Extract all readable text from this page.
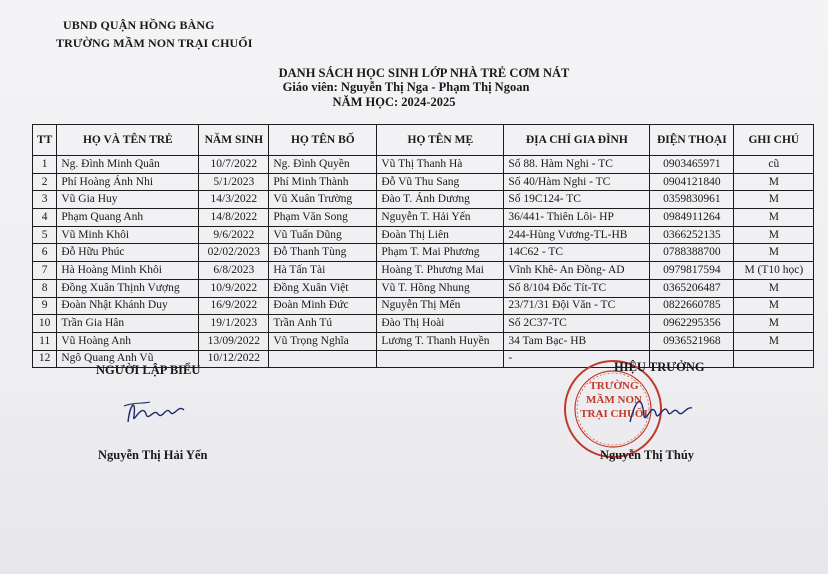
UBND QUẬN HỒNG BÀNG
TRƯỜNG MẦM NON TRẠI CHUỐI
DANH SÁCH HỌC SINH LỚP NHÀ TRẺ CƠM NÁT
Giáo viên: Nguyễn Thị Nga - Phạm Thị Ngoan
NĂM HỌC: 2024-2025
TT	HỌ VÀ TÊN TRẺ	NĂM SINH	HỌ TÊN BỐ	HỌ TÊN MẸ	ĐỊA CHỈ GIA ĐÌNH	ĐIỆN THOẠI	GHI CHÚ
1	Ng. Đình Minh Quân	10/7/2022	Ng. Đình Quyền	Vũ Thị Thanh Hà	Số 88. Hàm Nghi - TC	0903465971	cũ
2	Phí Hoàng Ánh Nhi	5/1/2023	Phí Minh Thành	Đỗ Vũ Thu Sang	Số 40/Hàm Nghi - TC	0904121840	M
3	Vũ Gia Huy	14/3/2022	Vũ Xuân Trường	Đào T. Ánh Dương	Số 19C124- TC	0359830961	M
4	Phạm Quang Anh	14/8/2022	Phạm Văn Song	Nguyễn T. Hải Yến	36/441- Thiên Lôi- HP	0984911264	M
5	Vũ Minh Khôi	9/6/2022	Vũ Tuấn Dũng	Đoàn Thị Liên	244-Hùng Vương-TL-HB	0366252135	M
6	Đỗ Hữu Phúc	02/02/2023	Đỗ Thanh Tùng	Phạm T. Mai Phương	14C62 - TC	0788388700	M
7	Hà Hoàng Minh Khôi	6/8/2023	Hà Tấn Tài	Hoàng T. Phương Mai	Vĩnh Khê- An Đồng- AD	0979817594	M (T10 học)
8	Đồng Xuân Thịnh Vượng	10/9/2022	Đồng Xuân Việt	Vũ T. Hồng Nhung	Số 8/104 Đốc Tít-TC	0365206487	M
9	Đoàn Nhật Khánh Duy	16/9/2022	Đoàn Minh Đức	Nguyễn Thị Mến	23/71/31 Đội Văn - TC	0822660785	M
10	Trần Gia Hân	19/1/2023	Trần Anh Tú	Đào Thị Hoài	Số 2C37-TC	0962295356	M
11	Vũ Hoàng Anh	13/09/2022	Vũ Trọng Nghĩa	Lương T. Thanh Huyền	34 Tam Bạc- HB	0936521968	M
12	Ngô Quang Anh Vũ	10/12/2022			-		
NGƯỜI LẬP BIỂU
Nguyễn Thị Hải Yến
TRƯỜNG
MẦM NON
TRẠI CHUỐI
HIỆU TRƯỞNG
Nguyễn Thị Thúy
